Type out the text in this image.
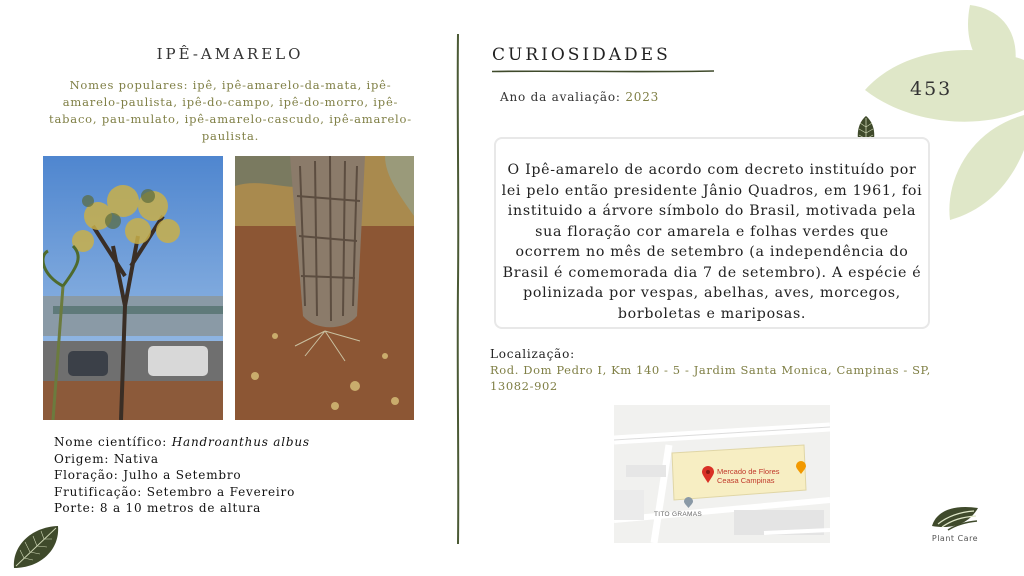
453
IPÊ-AMARELO
Nomes populares: ipê, ipê-amarelo-da-mata, ipê-amarelo-paulista, ipê-do-campo, ipê-do-morro, ipê-tabaco, pau-mulato, ipê-amarelo-cascudo, ipê-amarelo-paulista.
Nome científico: Handroanthus albus
Origem: Nativa
Floração: Julho a Setembro
Frutificação: Setembro a Fevereiro
Porte: 8 a 10 metros de altura
CURIOSIDADES
Ano da avaliação: 2023
O Ipê-amarelo de acordo com decreto instituído por lei pelo então presidente Jânio Quadros, em 1961, foi instituido a árvore símbolo do Brasil, motivada pela sua floração cor amarela e folhas verdes que ocorrem no mês de setembro (a independência do Brasil é comemorada dia 7 de setembro). A espécie é polinizada por vespas, abelhas, aves, morcegos, borboletas e mariposas.
Localização:
Rod. Dom Pedro I, Km 140 - 5 - Jardim Santa Monica, Campinas - SP, 13082-902
Mercado de Flores
Ceasa Campinas
TITO GRAMAS
Plant Care
